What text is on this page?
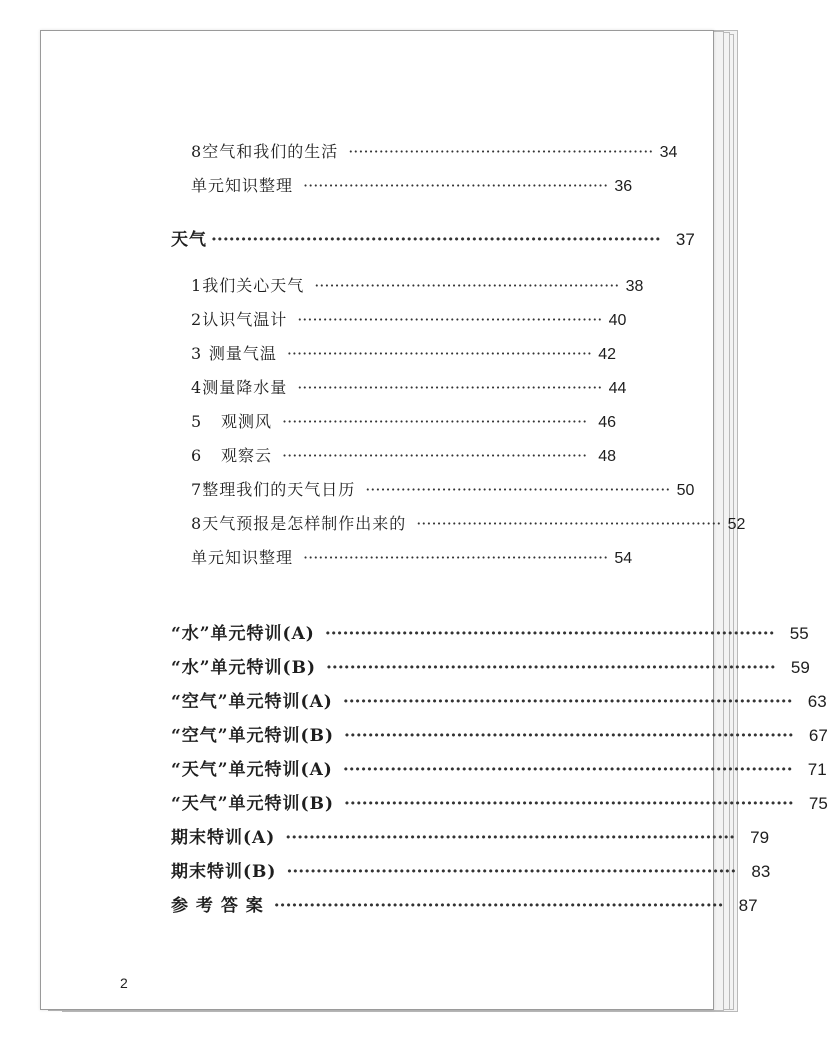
8 空气和我们的生活 ···························································· 34
单元知识整理 ···························································· 36
天气 ············································································ 37
1 我们关心天气 ···························································· 38
2 认识气温计 ···························································· 40
3 测量气温 ···························································· 42
4 测量降水量 ···························································· 44
5	观测风 ···························································· 46
6	观察云 ···························································· 48
7 整理我们的天气日历 ···························································· 50
8 天气预报是怎样制作出来的 ···························································· 52
单元知识整理 ···························································· 54
“水”单元特训(A) ············································································ 55
“水”单元特训(B) ············································································ 59
“空气”单元特训(A) ············································································ 63
“空气”单元特训(B) ············································································ 67
“天气”单元特训(A) ············································································ 71
“天气”单元特训(B) ············································································ 75
期末特训(A) ············································································ 79
期末特训(B) ············································································ 83
参 考 答 案 ············································································ 87
2
